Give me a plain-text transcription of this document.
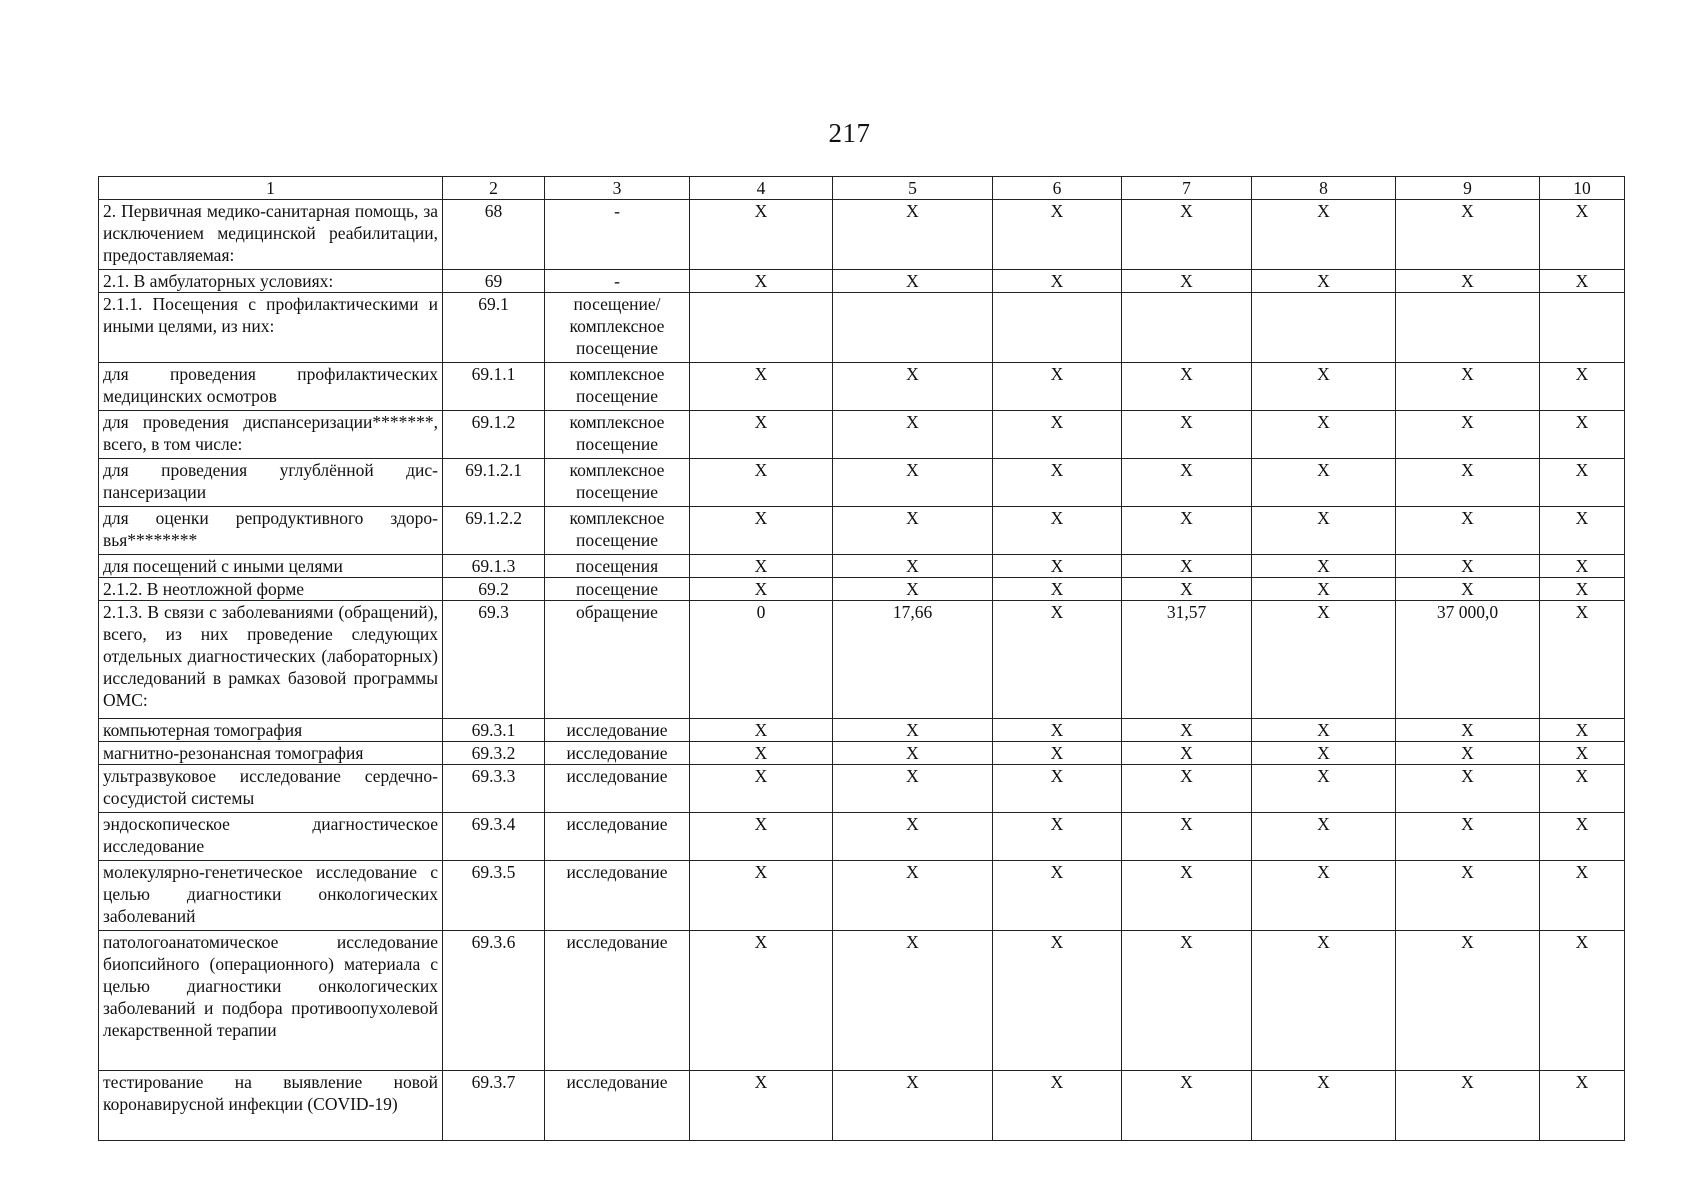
217
1	2	3	4	5	6	7	8	9	10
2. Первичная медико-санитарная помощь, за исключением медицинской реабилитации, предоставляемая:	68	-	X	X	X	X	X	X	X
2.1. В амбулаторных условиях:	69	-	X	X	X	X	X	X	X
2.1.1. Посещения с профилактическими и иными целями, из них:	69.1	посещение/ комплексное посещение							
для проведения профилактических медицинских осмотров	69.1.1	комплексное посещение	X	X	X	X	X	X	X
для проведения диспансеризации*******, всего, в том числе:	69.1.2	комплексное посещение	X	X	X	X	X	X	X
для проведения углублённой диспансеризации	69.1.2.1	комплексное посещение	X	X	X	X	X	X	X
для оценки репродуктивного здоровья********	69.1.2.2	комплексное посещение	X	X	X	X	X	X	X
для посещений с иными целями	69.1.3	посещения	X	X	X	X	X	X	X
2.1.2. В неотложной форме	69.2	посещение	X	X	X	X	X	X	X
2.1.3. В связи с заболеваниями (обращений), всего, из них проведение следующих отдельных диагностических (лабораторных) исследований в рамках базовой программы ОМС:	69.3	обращение	0	17,66	X	31,57	X	37 000,0	X
компьютерная томография	69.3.1	исследование	X	X	X	X	X	X	X
магнитно-резонансная томография	69.3.2	исследование	X	X	X	X	X	X	X
ультразвуковое исследование сердечно-сосудистой системы	69.3.3	исследование	X	X	X	X	X	X	X
эндоскопическое диагностическое исследование	69.3.4	исследование	X	X	X	X	X	X	X
молекулярно-генетическое исследование с целью диагностики онкологических заболеваний	69.3.5	исследование	X	X	X	X	X	X	X
патологоанатомическое исследование биопсийного (операционного) материала с целью диагностики онкологических заболеваний и подбора противоопухолевой лекарственной терапии	69.3.6	исследование	X	X	X	X	X	X	X
тестирование на выявление новой коронавирусной инфекции (COVID-19)	69.3.7	исследование	X	X	X	X	X	X	X
